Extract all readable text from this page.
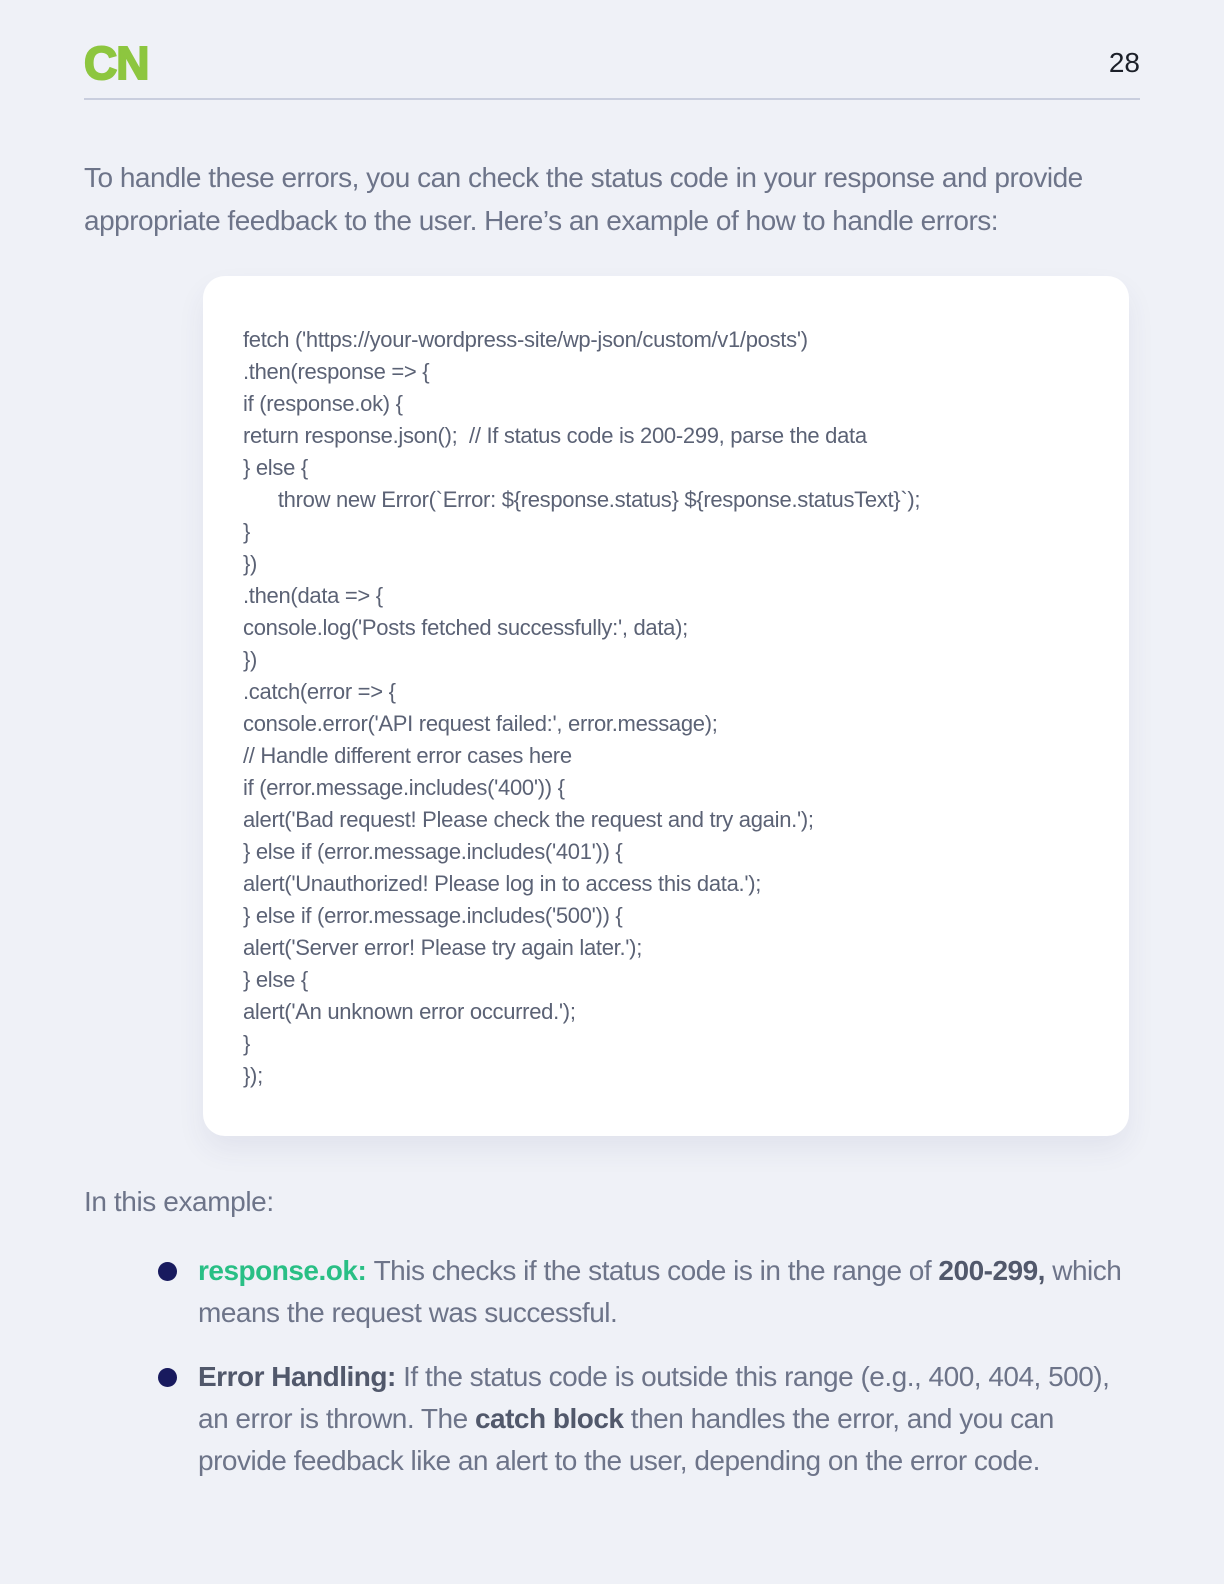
CN	28

To handle these errors, you can check the status code in your response and provide appropriate feedback to the user. Here’s an example of how to handle errors:

fetch ('https://your-wordpress-site/wp-json/custom/v1/posts')
.then(response => {
if (response.ok) {
return response.json();  // If status code is 200-299, parse the data
} else {
throw new Error(`Error: ${response.status} ${response.statusText}`);
}
})
.then(data => {
console.log('Posts fetched successfully:', data);
})
.catch(error => {
console.error('API request failed:', error.message);
// Handle different error cases here
if (error.message.includes('400')) {
alert('Bad request! Please check the request and try again.');
} else if (error.message.includes('401')) {
alert('Unauthorized! Please log in to access this data.');
} else if (error.message.includes('500')) {
alert('Server error! Please try again later.');
} else {
alert('An unknown error occurred.');
}
});

In this example:

response.ok: This checks if the status code is in the range of 200-299, which means the request was successful.

Error Handling: If the status code is outside this range (e.g., 400, 404, 500), an error is thrown. The catch block then handles the error, and you can provide feedback like an alert to the user, depending on the error code.
